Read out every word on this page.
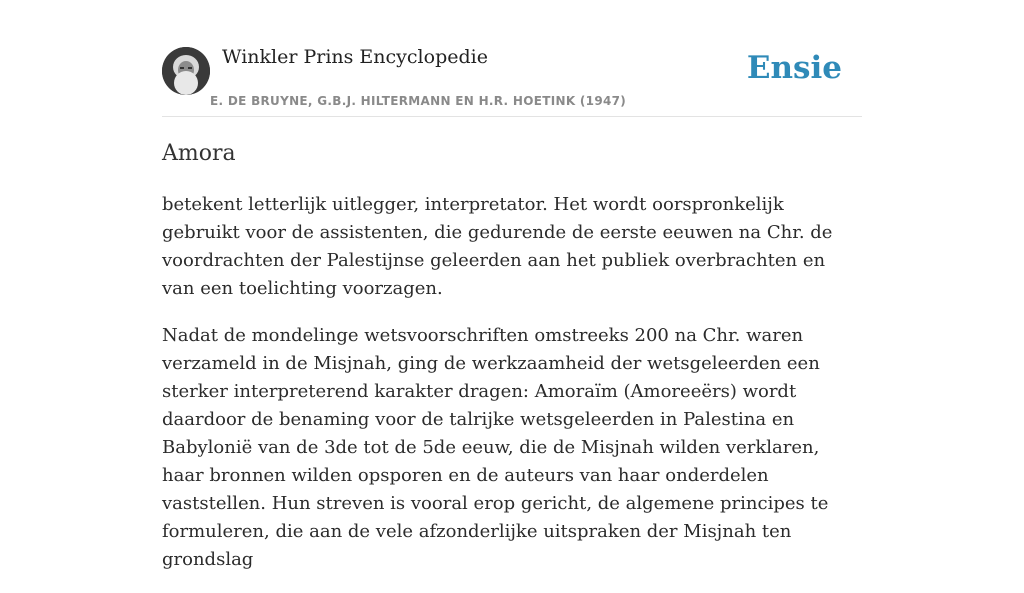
Winkler Prins Encyclopedie
E. DE BRUYNE, G.B.J. HILTERMANN EN H.R. HOETINK (1947)
Ensie
Amora

betekent letterlijk uitlegger, interpretator. Het wordt oorspronkelijk gebruikt voor de assistenten, die gedurende de eerste eeuwen na Chr. de voordrachten der Palestijnse geleerden aan het publiek overbrachten en van een toelichting voorzagen.

Nadat de mondelinge wetsvoorschriften omstreeks 200 na Chr. waren verzameld in de Misjnah, ging de werkzaamheid der wetsgeleerden een sterker interpreterend karakter dragen: Amoraïm (Amoreeërs) wordt daardoor de benaming voor de talrijke wetsgeleerden in Palestina en Babylonië van de 3de tot de 5de eeuw, die de Misjnah wilden verklaren, haar bronnen wilden opsporen en de auteurs van haar onderdelen vaststellen. Hun streven is vooral erop gericht, de algemene principes te formuleren, die aan de vele afzonderlijke uitspraken der Misjnah ten grondslag
